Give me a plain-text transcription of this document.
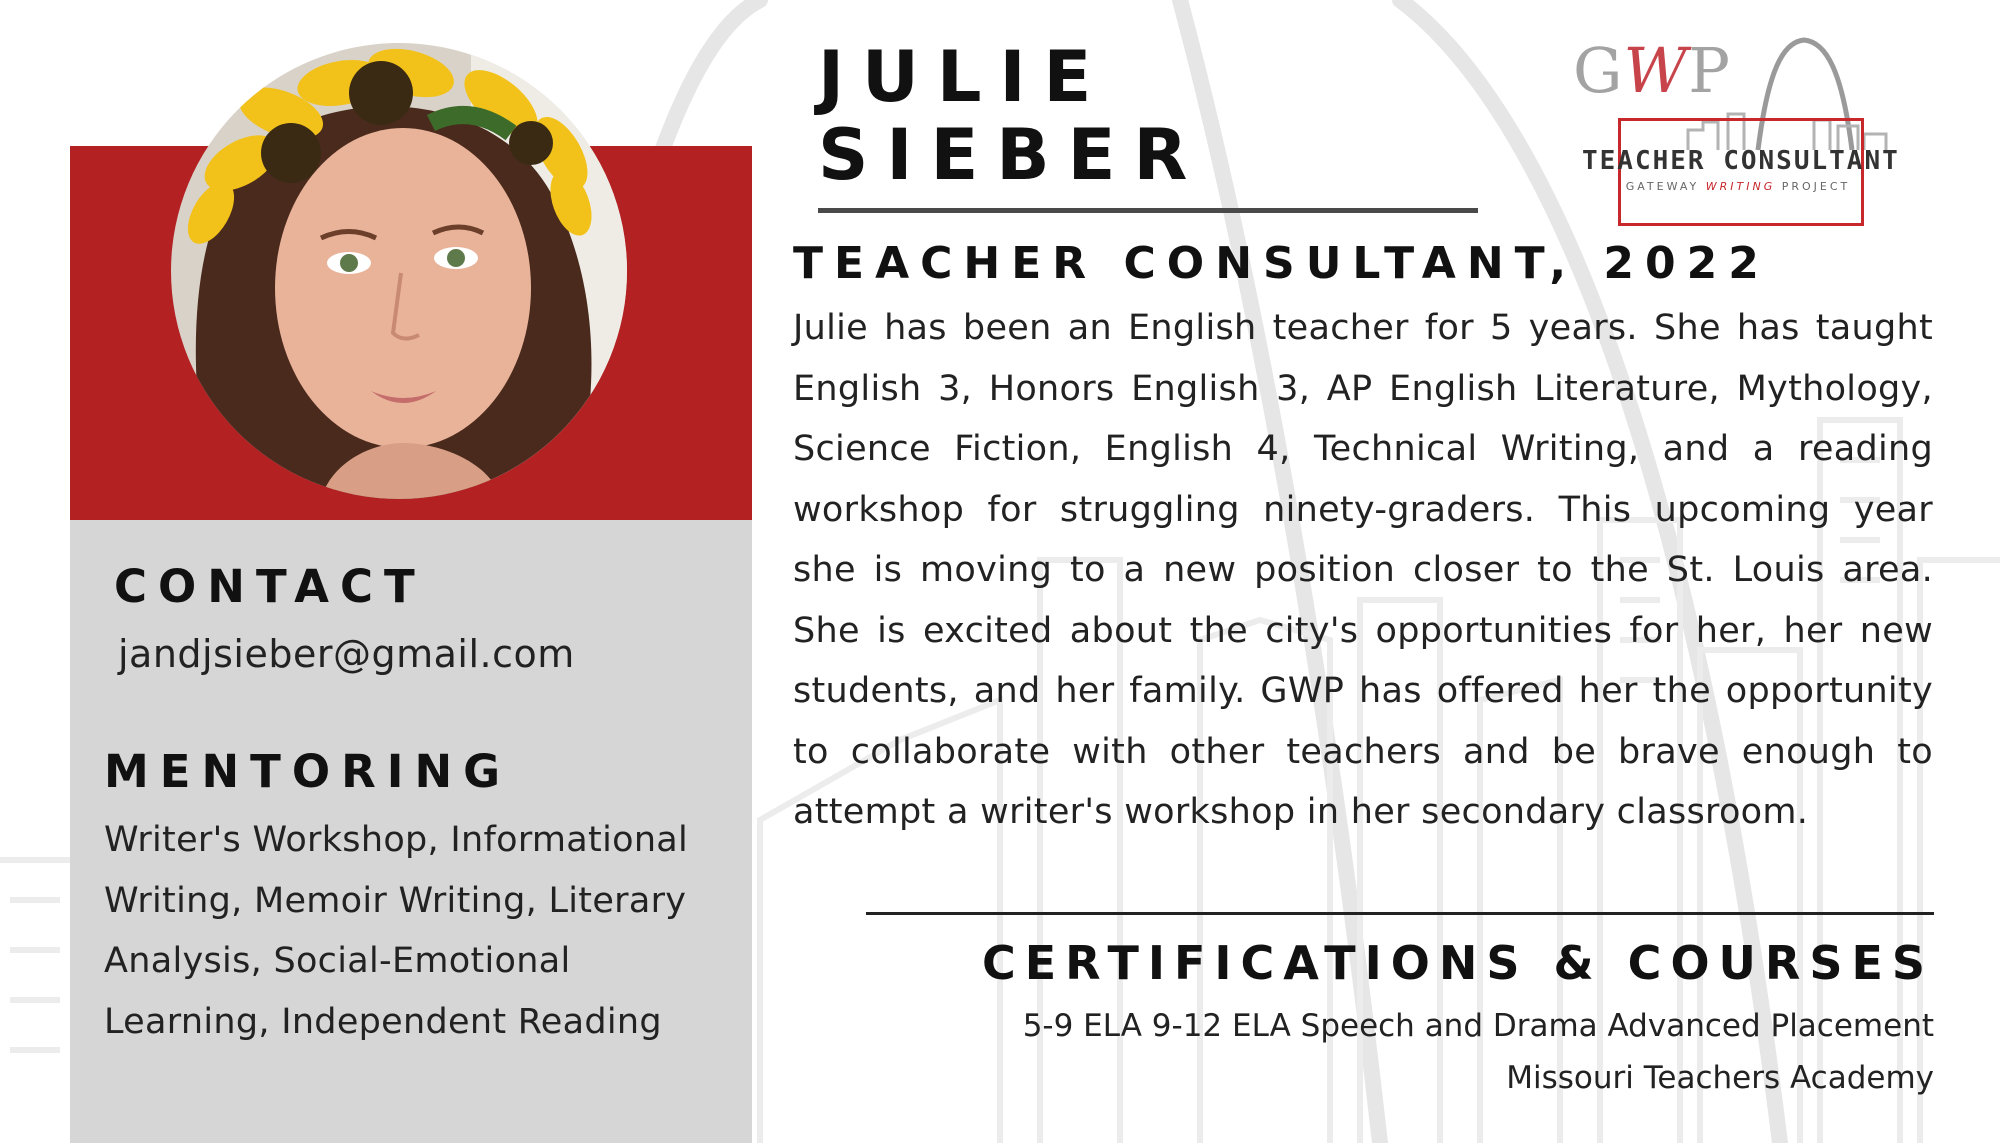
JULIE
SIEBER
GWP
TEACHER CONSULTANT
GATEWAY WRITING PROJECT
TEACHER CONSULTANT, 2022

Julie has been an English teacher for 5 years. She has taught English 3, Honors English 3, AP English Literature, Mythology, Science Fiction, English 4, Technical Writing, and a reading workshop for struggling ninety-graders. This upcoming year she is moving to a new position closer to the St. Louis area. She is excited about the city's opportunities for her, her new students, and her family. GWP has offered her the opportunity to collaborate with other teachers and be brave enough to attempt a writer's workshop in her secondary classroom.

CERTIFICATIONS & COURSES

5-9 ELA 9-12 ELA Speech and Drama Advanced Placement

Missouri Teachers Academy

CONTACT

jandjsieber@gmail.com

MENTORING

Writer's Workshop, Informational Writing, Memoir Writing, Literary Analysis, Social-Emotional Learning, Independent Reading
